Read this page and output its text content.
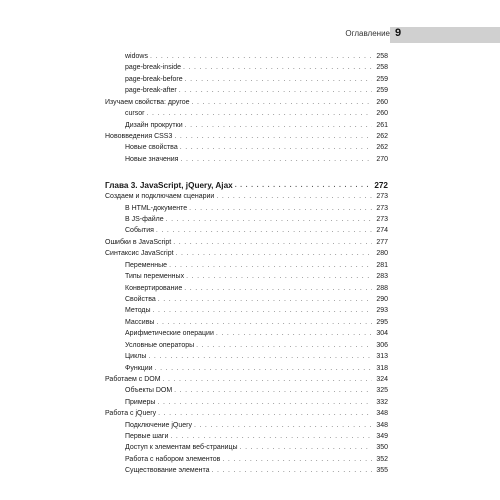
Оглавление 9
widows . . .	258
page-break-inside . . .	258
page-break-before . . .	259
page-break-after . . .	259
Изучаем свойства: другое . . .	260
cursor . . .	260
Дизайн прокрутки . . .	261
Нововведения CSS3 . . .	262
Новые свойства . . .	262
Новые значения . . .	270
Глава 3. JavaScript, jQuery, Ajax . . .	272
Создаем и подключаем сценарии . . .	273
В HTML-документе . . .	273
В JS-файле . . .	273
События . . .	274
Ошибки в JavaScript . . .	277
Синтаксис JavaScript . . .	280
Переменные . . .	281
Типы переменных . . .	283
Конвертирование . . .	288
Свойства . . .	290
Методы . . .	293
Массивы . . .	295
Арифметические операции . . .	304
Условные операторы . . .	306
Циклы . . .	313
Функции . . .	318
Работаем с DOM . . .	324
Объекты DOM . . .	325
Примеры . . .	332
Работа с jQuery . . .	348
Подключение jQuery . . .	348
Первые шаги . . .	349
Доступ к элементам веб-страницы . . .	350
Работа с набором элементов . . .	352
Существование элемента . . .	355
